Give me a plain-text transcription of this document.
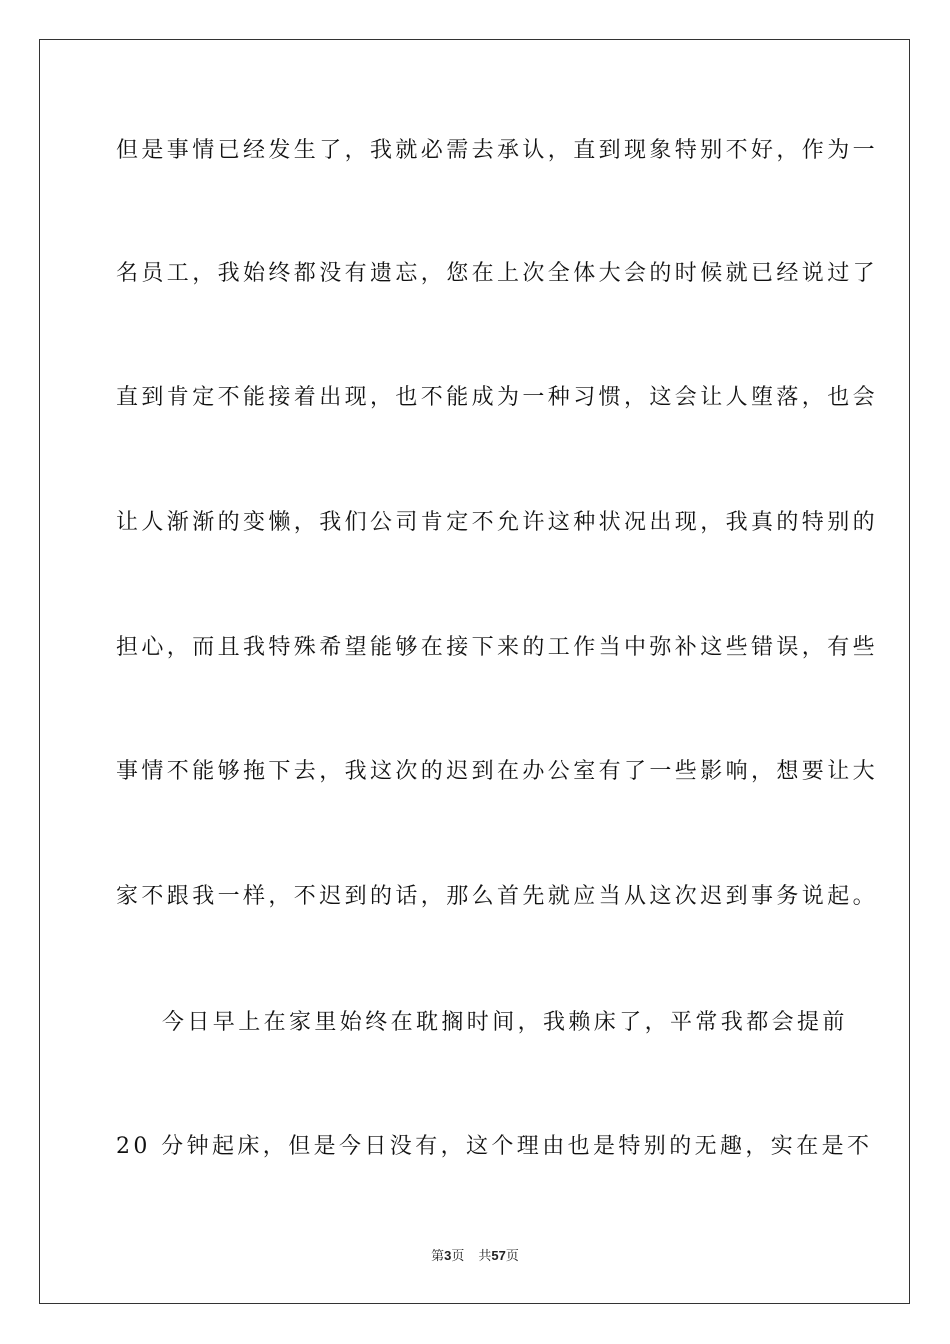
但是事情已经发生了，我就必需去承认，直到现象特别不好，作为一
名员工，我始终都没有遗忘，您在上次全体大会的时候就已经说过了
直到肯定不能接着出现，也不能成为一种习惯，这会让人堕落，也会
让人渐渐的变懒，我们公司肯定不允许这种状况出现，我真的特别的
担心，而且我特殊希望能够在接下来的工作当中弥补这些错误，有些
事情不能够拖下去，我这次的迟到在办公室有了一些影响，想要让大
家不跟我一样，不迟到的话，那么首先就应当从这次迟到事务说起。
今日早上在家里始终在耽搁时间，我赖床了，平常我都会提前
20 分钟起床，但是今日没有，这个理由也是特别的无趣，实在是不
第3页 共57页
